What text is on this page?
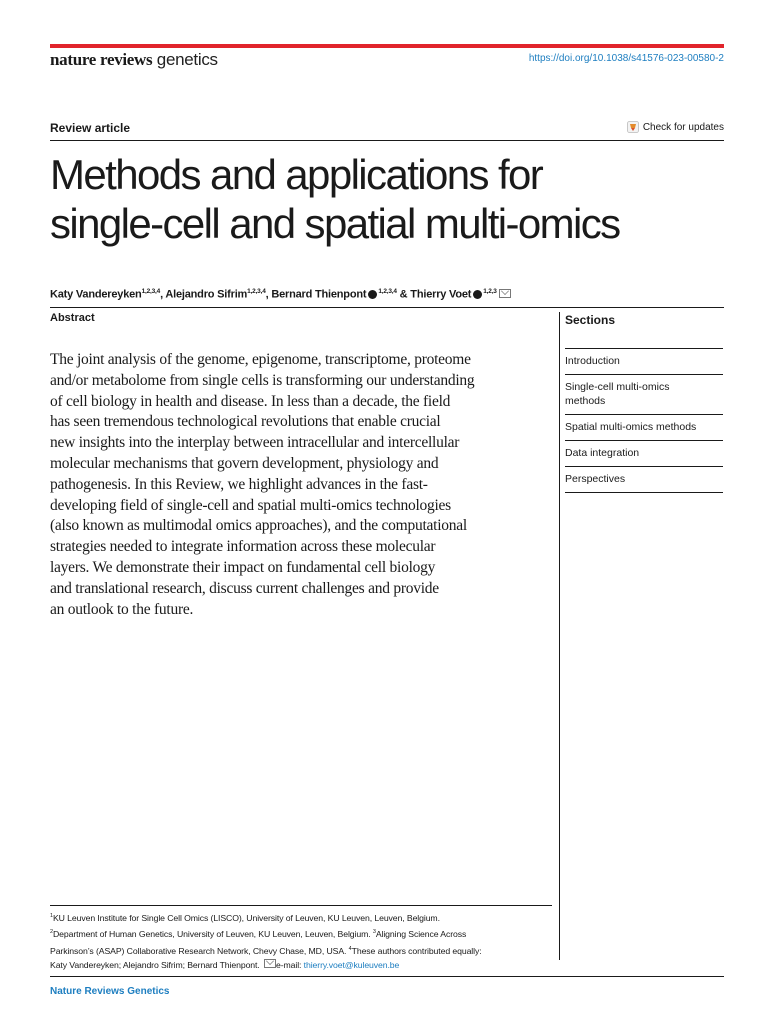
nature reviews genetics	https://doi.org/10.1038/s41576-023-00580-2
Review article	Check for updates
Methods and applications for
single-cell and spatial multi-omics
Katy Vandereyken$^{1,2,3,4}$, Alejandro Sifrim$^{1,2,3,4}$, Bernard Thienpont $^{1,2,3,4}$ & Thierry Voet $^{1,2,3}$
Abstract

The joint analysis of the genome, epigenome, transcriptome, proteome
and/or metabolome from single cells is transforming our understanding
of cell biology in health and disease. In less than a decade, the field
has seen tremendous technological revolutions that enable crucial
new insights into the interplay between intracellular and intercellular
molecular mechanisms that govern development, physiology and
pathogenesis. In this Review, we highlight advances in the fast-
developing field of single-cell and spatial multi-omics technologies
(also known as multimodal omics approaches), and the computational
strategies needed to integrate information across these molecular
layers. We demonstrate their impact on fundamental cell biology
and translational research, discuss current challenges and provide
an outlook to the future.

Sections
Introduction
Single-cell multi-omics
methods
Spatial multi-omics methods
Data integration
Perspectives
$^1$KU Leuven Institute for Single Cell Omics (LISCO), University of Leuven, KU Leuven, Leuven, Belgium.
$^2$Department of Human Genetics, University of Leuven, KU Leuven, Leuven, Belgium. $^3$Aligning Science Across
Parkinson’s (ASAP) Collaborative Research Network, Chevy Chase, MD, USA. $^4$These authors contributed equally:
Katy Vandereyken; Alejandro Sifrim; Bernard Thienpont. e-mail: thierry.voet@kuleuven.be
Nature Reviews Genetics
